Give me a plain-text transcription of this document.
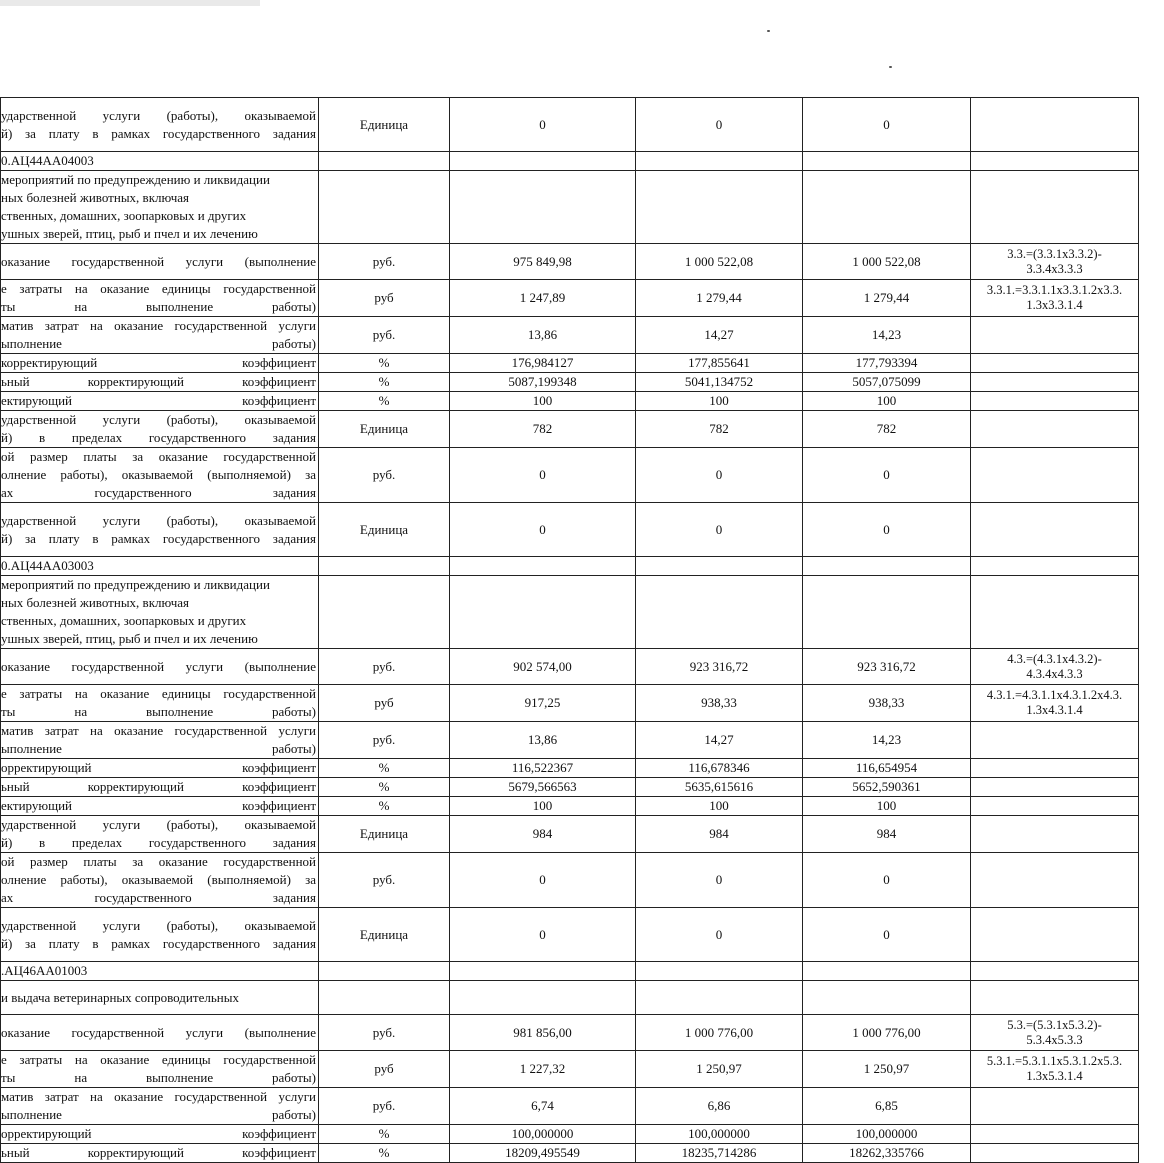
ударственной услуги (работы), оказываемой
й) за плату в рамках государственного задания	Единица	0	0	0	

0.АЦ44АА04003					

мероприятий по предупреждению и ликвидации
ных болезней животных, включая
ственных, домашних, зоопарковых и других
ушных зверей, птиц, рыб и пчел и их лечению					

оказание государственной услуги (выполнение	руб.	975 849,98	1 000 522,08	1 000 522,08	3.3.=(3.3.1x3.3.2)-
3.3.4x3.3.3

е затраты на оказание единицы государственной
ты на выполнение работы)	руб	1 247,89	1 279,44	1 279,44	3.3.1.=3.3.1.1x3.3.1.2x3.3.
1.3x3.3.1.4

матив затрат на оказание государственной услуги
ыполнение работы)	руб.	13,86	14,27	14,23	

корректирующий коэффициент	%	176,984127	177,855641	177,793394	

ьный корректирующий коэффициент	%	5087,199348	5041,134752	5057,075099	

ектирующий коэффициент	%	100	100	100	

ударственной услуги (работы), оказываемой
й) в пределах государственного задания	Единица	782	782	782	

ой размер платы за оказание государственной
олнение работы), оказываемой (выполняемой) за
ах государственного задания	руб.	0	0	0	

ударственной услуги (работы), оказываемой
й) за плату в рамках государственного задания	Единица	0	0	0	

0.АЦ44АА03003					

мероприятий по предупреждению и ликвидации
ных болезней животных, включая
ственных, домашних, зоопарковых и других
ушных зверей, птиц, рыб и пчел и их лечению					

оказание государственной услуги (выполнение	руб.	902 574,00	923 316,72	923 316,72	4.3.=(4.3.1x4.3.2)-
4.3.4x4.3.3

е затраты на оказание единицы государственной
ты на выполнение работы)	руб	917,25	938,33	938,33	4.3.1.=4.3.1.1x4.3.1.2x4.3.
1.3x4.3.1.4

матив затрат на оказание государственной услуги
ыполнение работы)	руб.	13,86	14,27	14,23	

орректирующий коэффициент	%	116,522367	116,678346	116,654954	

ьный корректирующий коэффициент	%	5679,566563	5635,615616	5652,590361	

ектирующий коэффициент	%	100	100	100	

ударственной услуги (работы), оказываемой
й) в пределах государственного задания	Единица	984	984	984	

ой размер платы за оказание государственной
олнение работы), оказываемой (выполняемой) за
ах государственного задания	руб.	0	0	0	

ударственной услуги (работы), оказываемой
й) за плату в рамках государственного задания	Единица	0	0	0	

.АЦ46АА01003					

и выдача ветеринарных сопроводительных					

оказание государственной услуги (выполнение	руб.	981 856,00	1 000 776,00	1 000 776,00	5.3.=(5.3.1x5.3.2)-
5.3.4x5.3.3

е затраты на оказание единицы государственной
ты на выполнение работы)	руб	1 227,32	1 250,97	1 250,97	5.3.1.=5.3.1.1x5.3.1.2x5.3.
1.3x5.3.1.4

матив затрат на оказание государственной услуги
ыполнение работы)	руб.	6,74	6,86	6,85	

орректирующий коэффициент	%	100,000000	100,000000	100,000000	

ьный корректирующий коэффициент	%	18209,495549	18235,714286	18262,335766	
